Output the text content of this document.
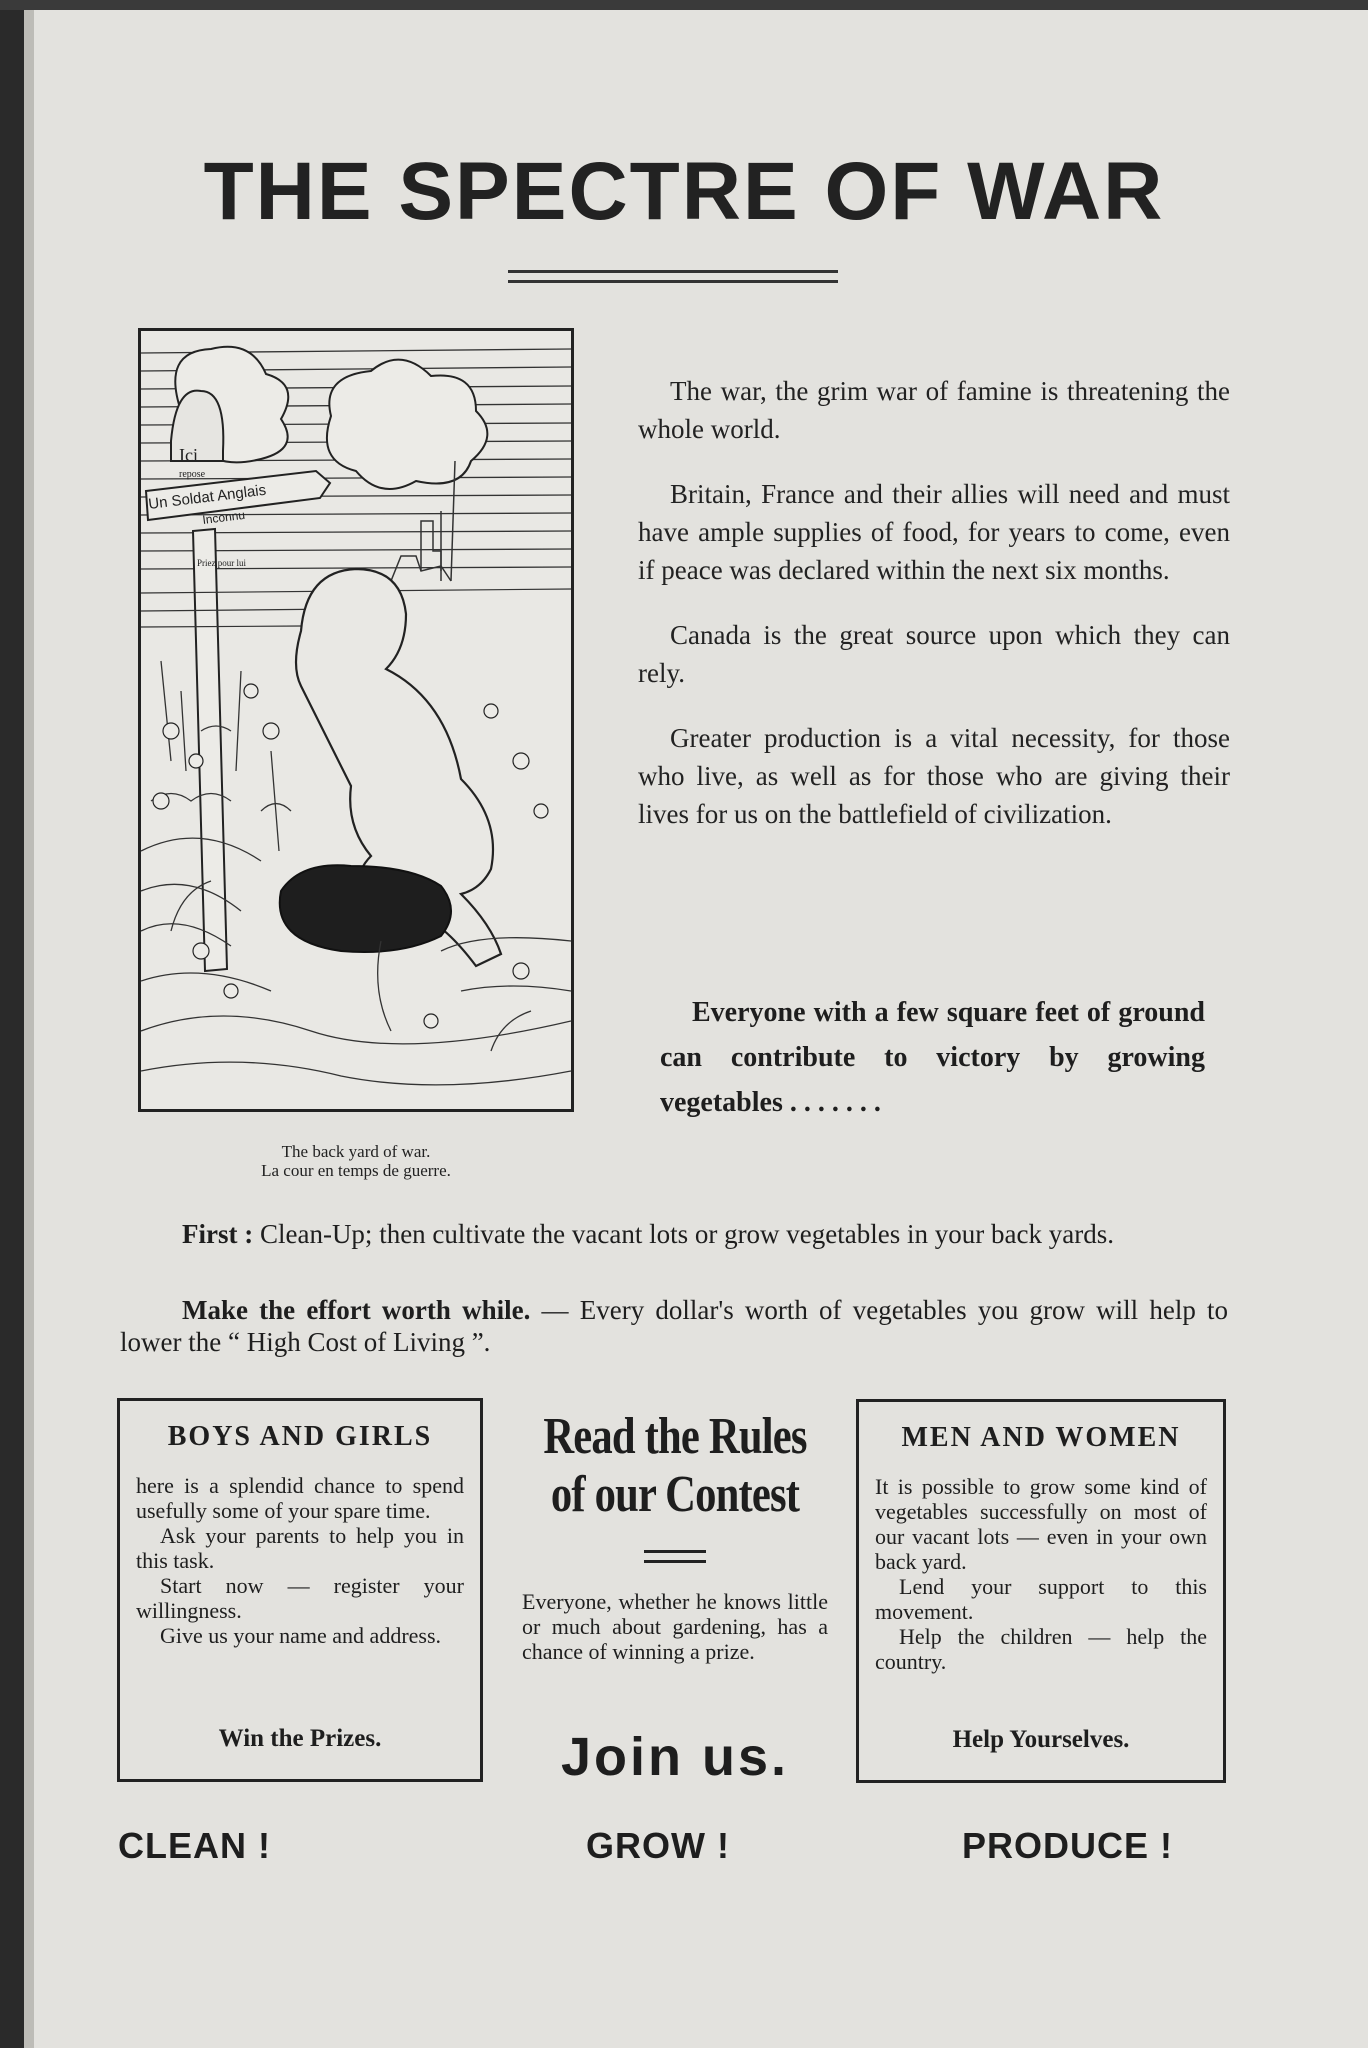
THE SPECTRE OF WAR
Ici
repose
Un Soldat Anglais
Inconnu
Priez pour lui
The back yard of war.
La cour en temps de guerre.

The war, the grim war of famine is threatening the whole world.

Britain, France and their allies will need and must have ample supplies of food, for years to come, even if peace was declared within the next six months.

Canada is the great source upon which they can rely.

Greater production is a vital necessity, for those who live, as well as for those who are giving their lives for us on the battlefield of civilization.

Everyone with a few square feet of ground can contribute to victory by growing vegetables . . . . . . .
First : Clean-Up; then cultivate the vacant lots or grow vegetables in your back yards.
Make the effort worth while. — Every dollar's worth of vegetables you grow will help to lower the “ High Cost of Living ”.
BOYS AND GIRLS

here is a splendid chance to spend usefully some of your spare time.

Ask your parents to help you in this task.

Start now — register your willingness.

Give us your name and address.

Win the Prizes.
Read the Rules
of our Contest
Everyone, whether he knows little or much about gardening, has a chance of winning a prize.
Join us.
MEN AND WOMEN

It is possible to grow some kind of vegetables successfully on most of our vacant lots — even in your own back yard.

Lend your support to this movement.

Help the children — help the country.

Help Yourselves.
CLEAN !	GROW !	PRODUCE !
